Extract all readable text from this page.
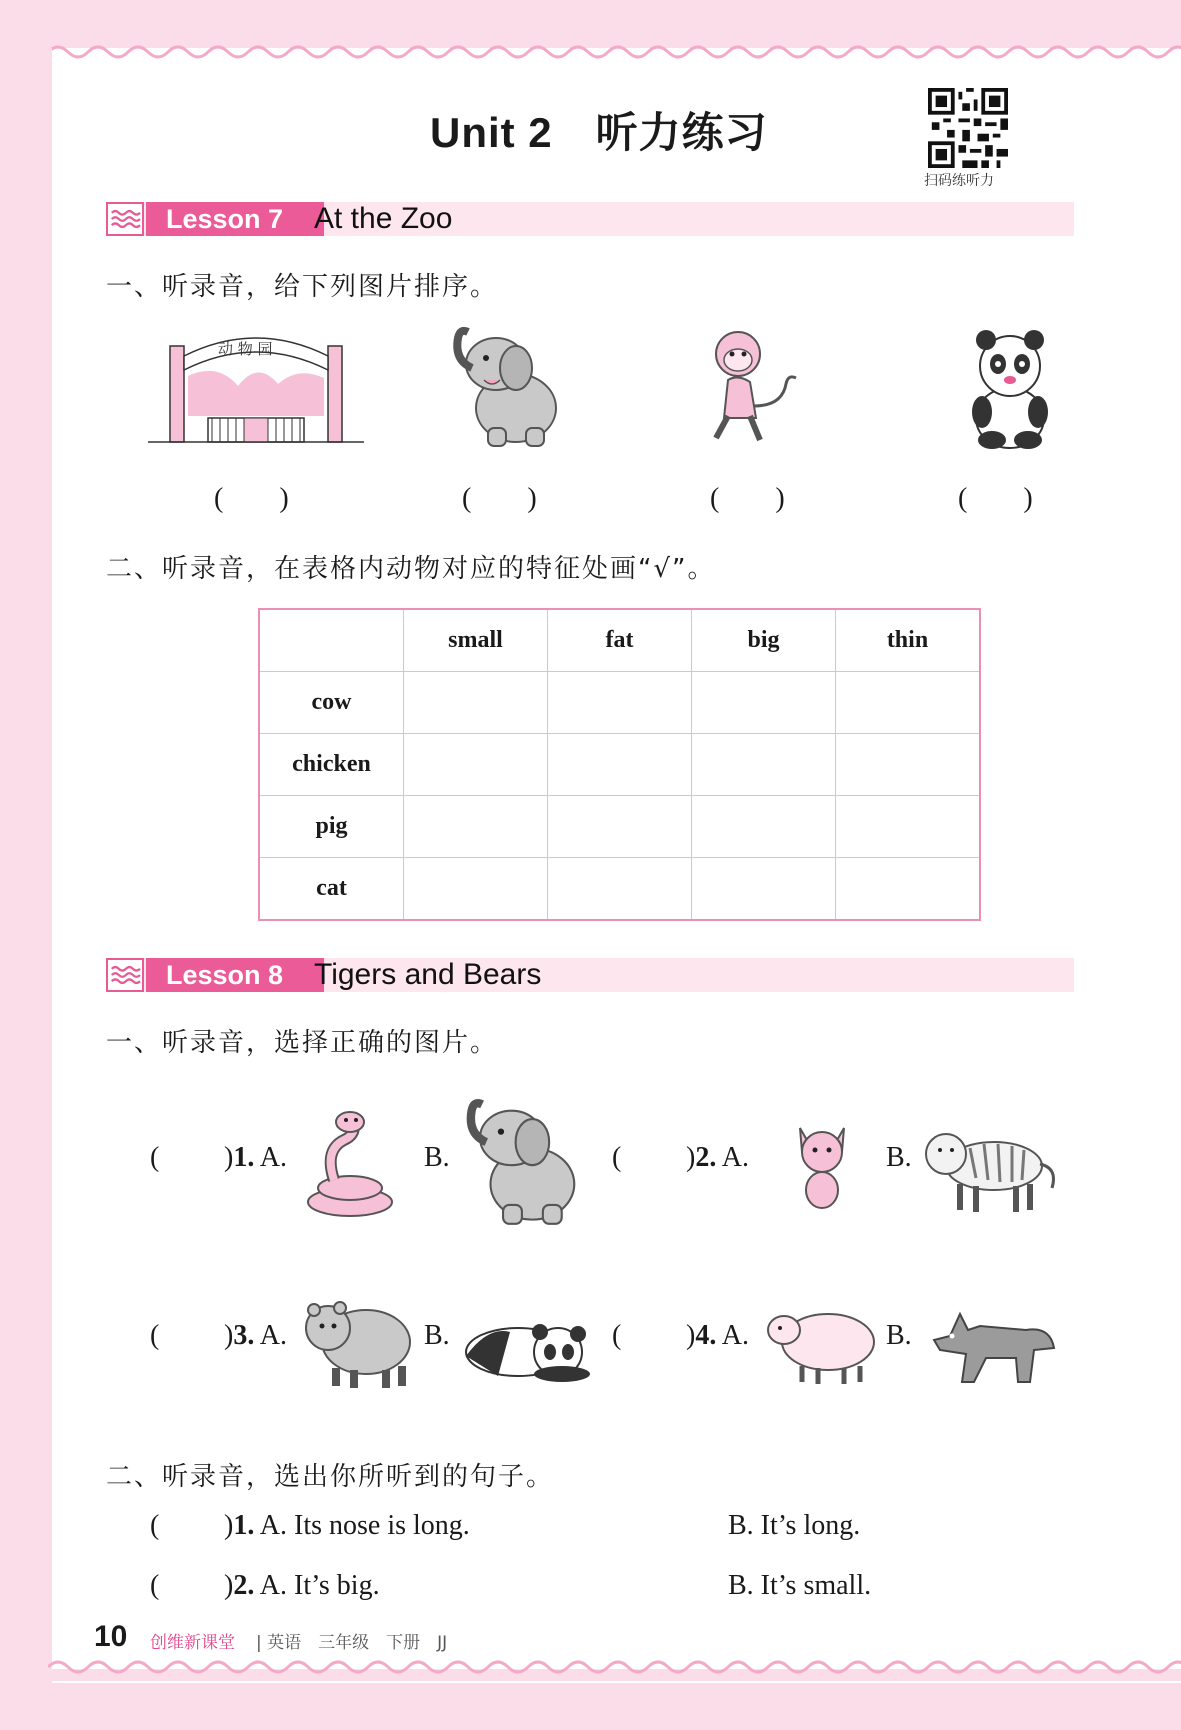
Unit 2　听力练习
扫码练听力
Lesson 7	At the Zoo
一、听录音，给下列图片排序。
动 物 园
(　　)	(　　)	(　　)	(　　)
二、听录音，在表格内动物对应的特征处画“√”。
	small	fat	big	thin
cow				
chicken				
pig				
cat				
Lesson 8	Tigers and Bears
一、听录音，选择正确的图片。
( )1. A.	B.	( )2. A.	B.
( )3. A.	B.	( )4. A.	B.
二、听录音，选出你所听到的句子。
( )1. A. Its nose is long.	B. It’s long.
( )2. A. It’s big.	B. It’s small.
10 创维新课堂 | 英语　三年级　下册　JJ
